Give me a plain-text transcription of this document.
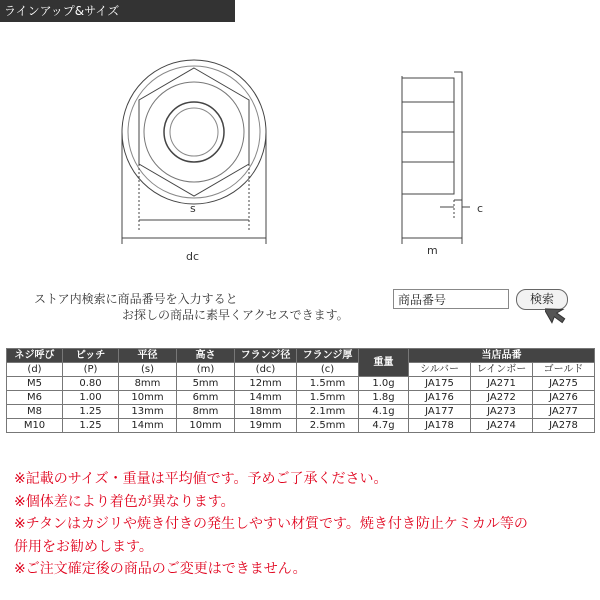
ラインアップ&サイズ
s
dc
c
m
ストア内検索に商品番号を入力すると
お探しの商品に素早くアクセスできます。
商品番号	検索
ネジ呼び	ピッチ	平径	高さ	フランジ径	フランジ厚	重量	当店品番		
(d)	(P)	(s)	(m)	(dc)	(c)		シルバー	レインボー	ゴールド
M5	0.80	8mm	5mm	12mm	1.5mm	1.0g	JA175	JA271	JA275
M6	1.00	10mm	6mm	14mm	1.5mm	1.8g	JA176	JA272	JA276
M8	1.25	13mm	8mm	18mm	2.1mm	4.1g	JA177	JA273	JA277
M10	1.25	14mm	10mm	19mm	2.5mm	4.7g	JA178	JA274	JA278
※記載のサイズ・重量は平均値です。予めご了承ください。
※個体差により着色が異なります。
※チタンはカジリや焼き付きの発生しやすい材質です。焼き付き防止ケミカル等の
併用をお勧めします。
※ご注文確定後の商品のご変更はできません。
